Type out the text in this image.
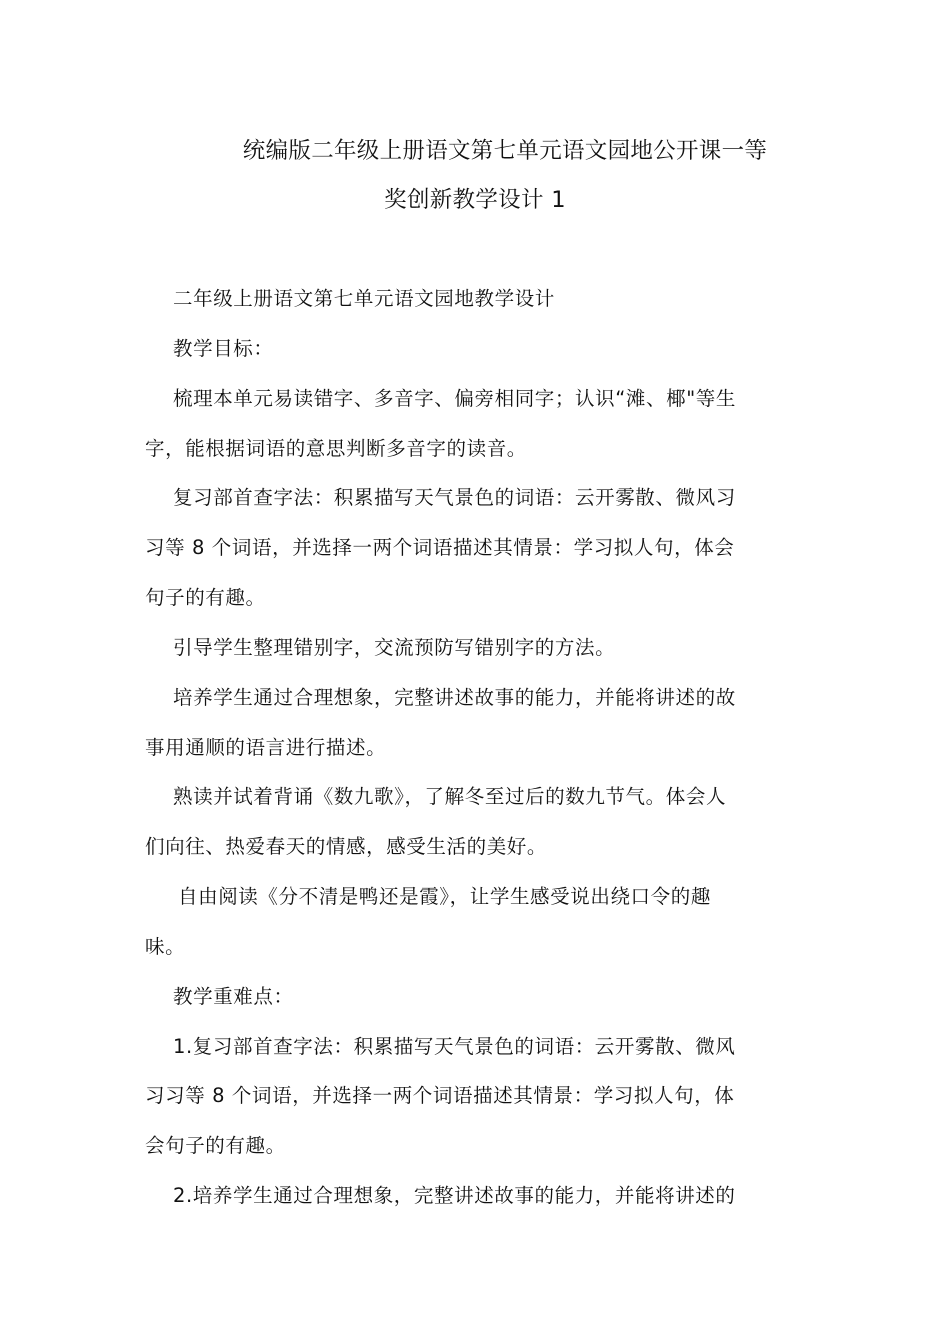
统编版二年级上册语文第七单元语文园地公开课一等
奖创新教学设计 1
二年级上册语文第七单元语文园地教学设计
教学目标：
梳理本单元易读错字、多音字、偏旁相同字；认识“滩、椰"等生
字，能根据词语的意思判断多音字的读音。
复习部首查字法：积累描写天气景色的词语：云开雾散、微风习
习等 8 个词语，并选择一两个词语描述其情景：学习拟人句，体会
句子的有趣。
引导学生整理错别字，交流预防写错别字的方法。
培养学生通过合理想象，完整讲述故事的能力，并能将讲述的故
事用通顺的语言进行描述。
熟读并试着背诵《数九歌》，了解冬至过后的数九节气。体会人
们向往、热爱春天的情感，感受生活的美好。
自由阅读《分不清是鸭还是霞》，让学生感受说出绕口令的趣
味。
教学重难点：
1.复习部首查字法：积累描写天气景色的词语：云开雾散、微风
习习等 8 个词语，并选择一两个词语描述其情景：学习拟人句，体
会句子的有趣。
2.培养学生通过合理想象，完整讲述故事的能力，并能将讲述的
